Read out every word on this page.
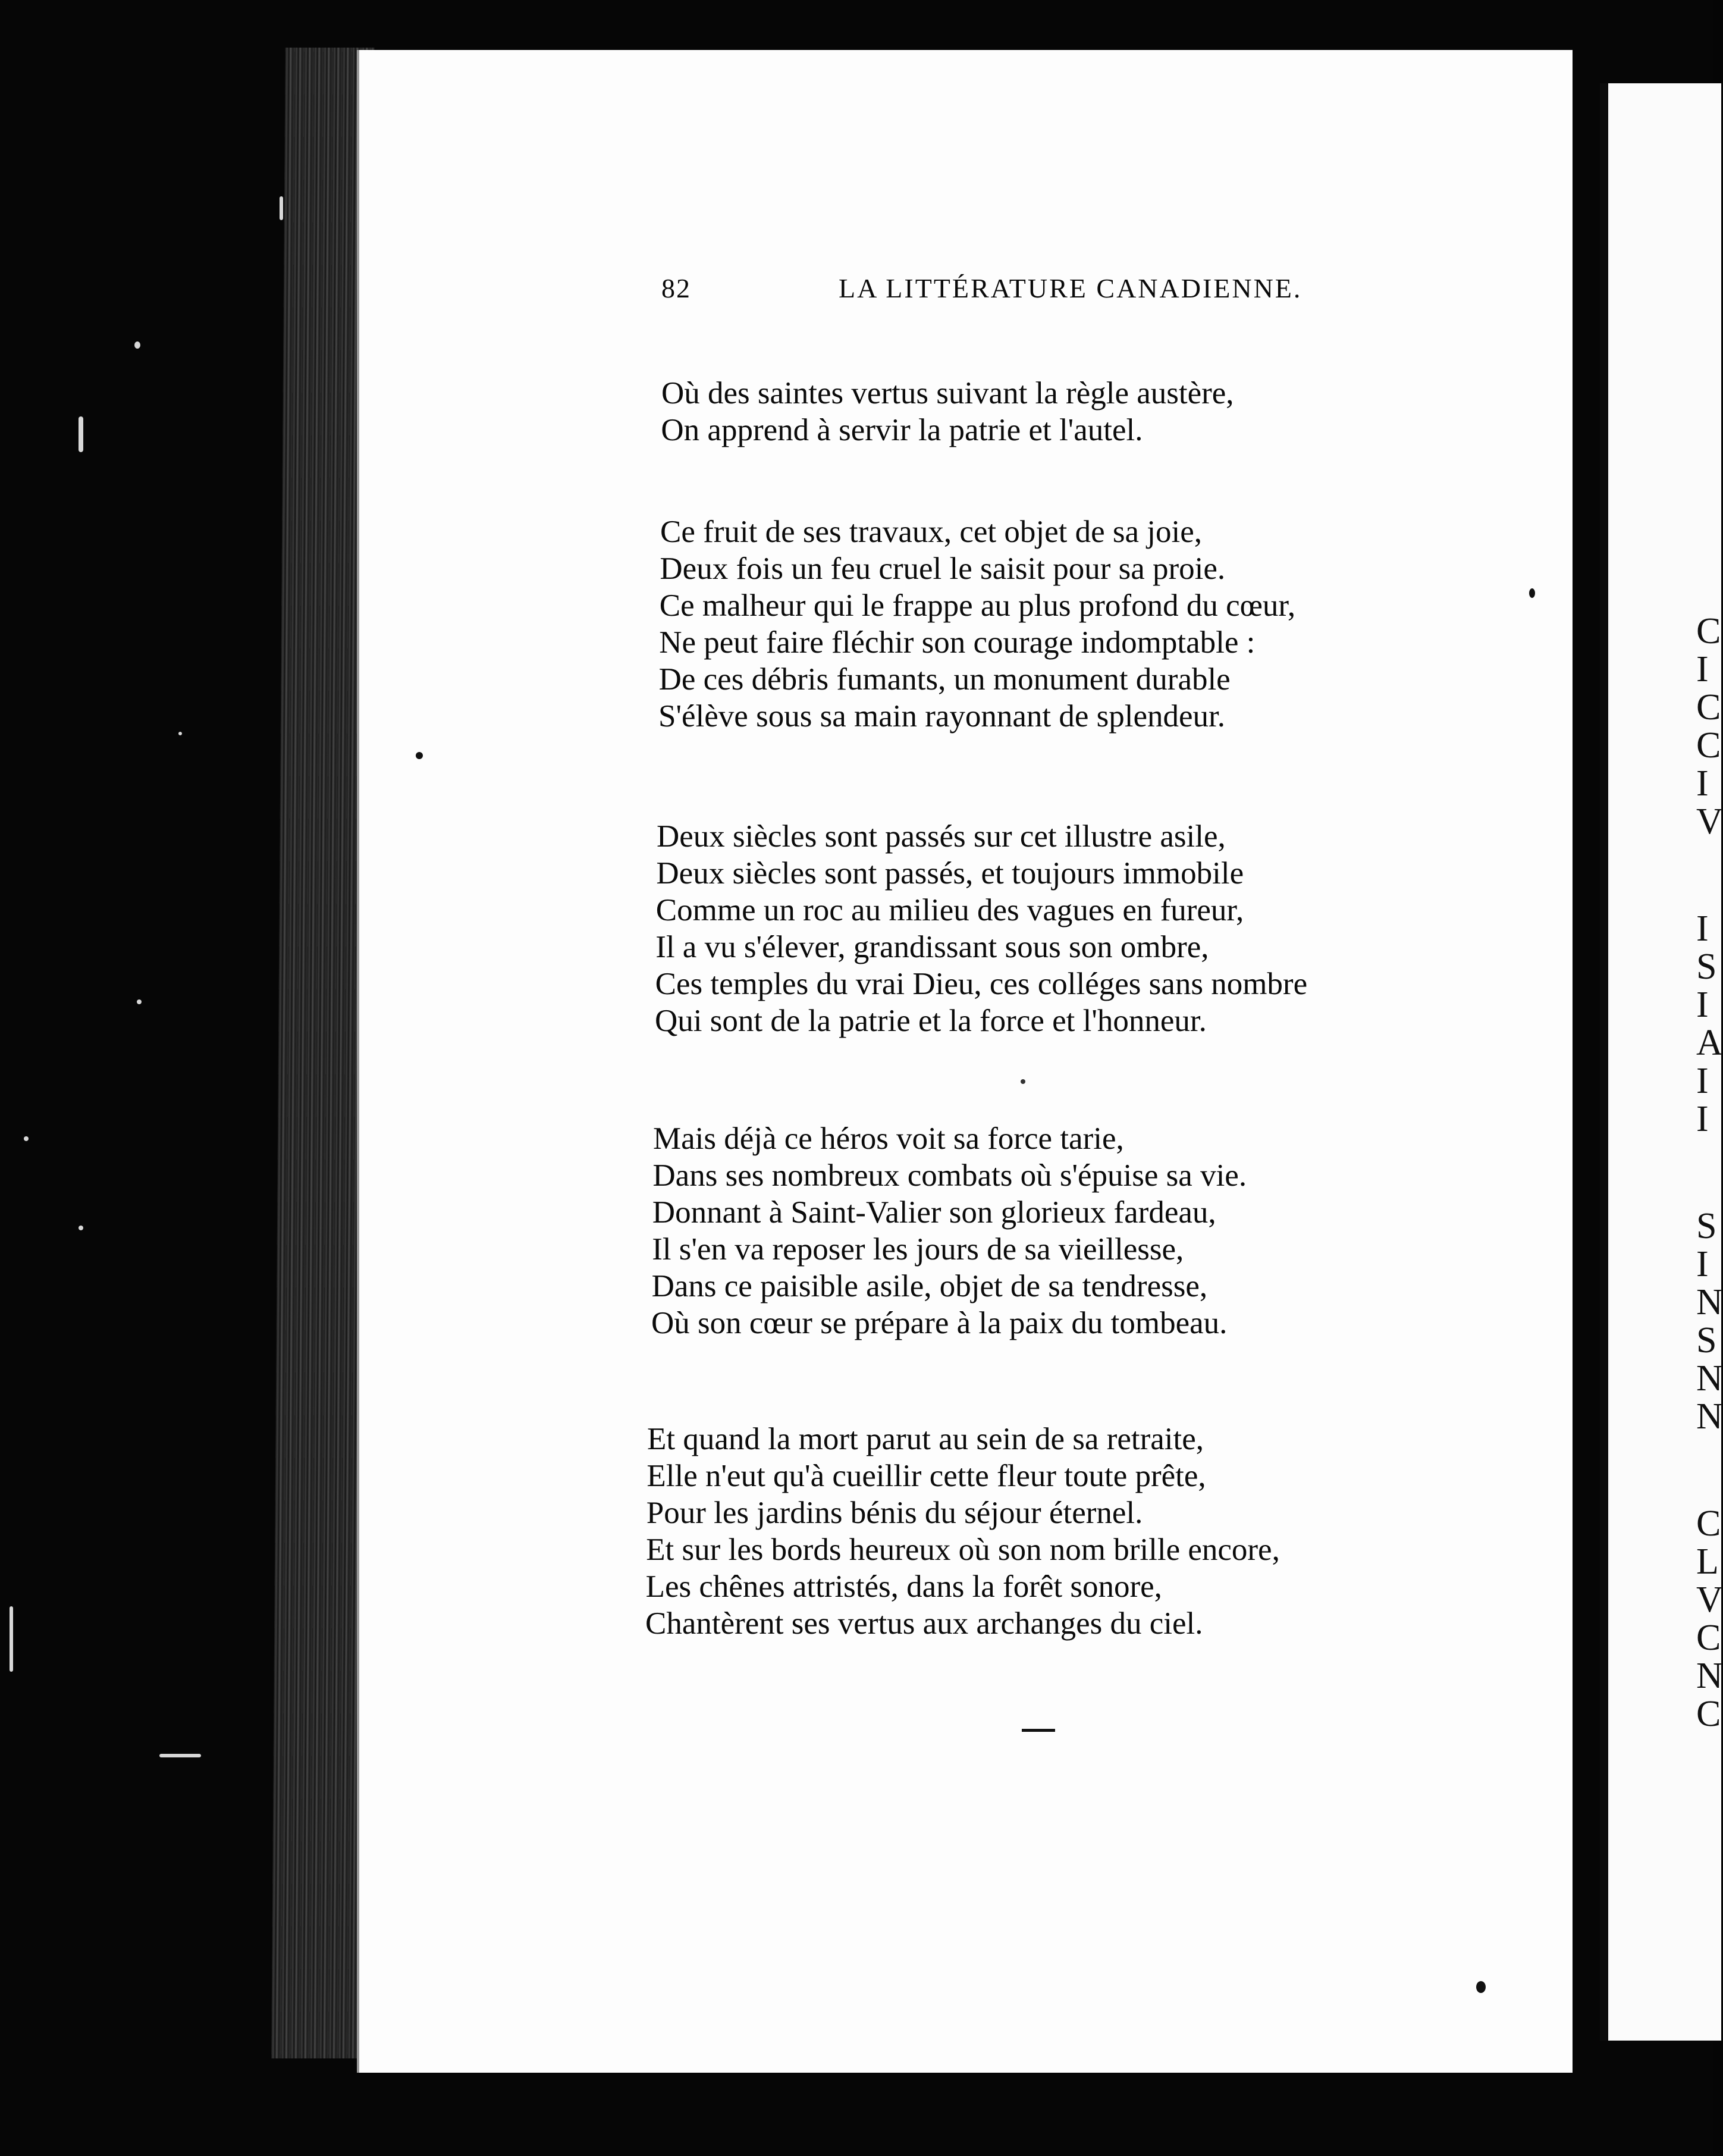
82	LA LITTÉRATURE CANADIENNE.
Où des saintes vertus suivant la règle austère,
On apprend à servir la patrie et l'autel.
Ce fruit de ses travaux, cet objet de sa joie,
Deux fois un feu cruel le saisit pour sa proie.
Ce malheur qui le frappe au plus profond du cœur,
Ne peut faire fléchir son courage indomptable :
De ces débris fumants, un monument durable
S'élève sous sa main rayonnant de splendeur.
Deux siècles sont passés sur cet illustre asile,
Deux siècles sont passés, et toujours immobile
Comme un roc au milieu des vagues en fureur,
Il a vu s'élever, grandissant sous son ombre,
Ces temples du vrai Dieu, ces colléges sans nombre
Qui sont de la patrie et la force et l'honneur.
Mais déjà ce héros voit sa force tarie,
Dans ses nombreux combats où s'épuise sa vie.
Donnant à Saint-Valier son glorieux fardeau,
Il s'en va reposer les jours de sa vieillesse,
Dans ce paisible asile, objet de sa tendresse,
Où son cœur se prépare à la paix du tombeau.
Et quand la mort parut au sein de sa retraite,
Elle n'eut qu'à cueillir cette fleur toute prête,
Pour les jardins bénis du séjour éternel.
Et sur les bords heureux où son nom brille encore,
Les chênes attristés, dans la forêt sonore,
Chantèrent ses vertus aux archanges du ciel.
C
I
C
C
I
V
I
S
I
A
I
I
S
I
N
S
N
N
C
L
V
C
N
C
